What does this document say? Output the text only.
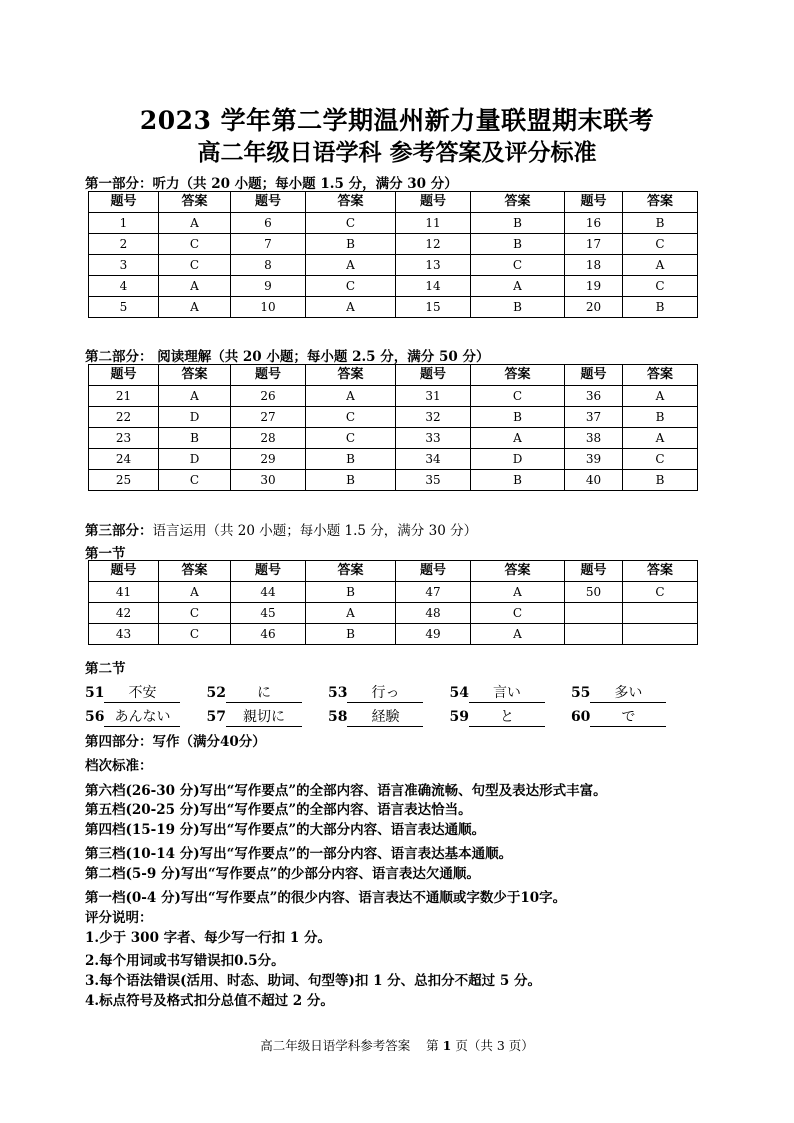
2023 学年第二学期温州新力量联盟期末联考
高二年级日语学科 参考答案及评分标准
第一部分：听力（共 20 小题；每小题 1.5 分，满分 30 分）
题号	答案	题号	答案	题号	答案	题号	答案
1	A	6	C	11	B	16	B
2	C	7	B	12	B	17	C
3	C	8	A	13	C	18	A
4	A	9	C	14	A	19	C
5	A	10	A	15	B	20	B
第二部分： 阅读理解（共 20 小题；每小题 2.5 分，满分 50 分）
题号	答案	题号	答案	题号	答案	题号	答案
21	A	26	A	31	C	36	A
22	D	27	C	32	B	37	B
23	B	28	C	33	A	38	A
24	D	29	B	34	D	39	C
25	C	30	B	35	B	40	B
第三部分：语言运用（共 20 小题；每小题 1.5 分，满分 30 分）
第一节
题号	答案	题号	答案	题号	答案	题号	答案
41	A	44	B	47	A	50	C
42	C	45	A	48	C		
43	C	46	B	49	A		
第二节
51 不安	52 に	53 行っ	54 言い	55 多い
56 あんない	57 親切に	58 経験	59 と	60 で
第四部分：写作（满分40分）
档次标准：
第六档(26-30 分)写出“写作要点”的全部内容、语言准确流畅、句型及表达形式丰富。
第五档(20-25 分)写出“写作要点”的全部内容、语言表达恰当。
第四档(15-19 分)写出“写作要点”的大部分内容、语言表达通顺。
第三档(10-14 分)写出“写作要点”的一部分内容、语言表达基本通顺。
第二档(5-9 分)写出“写作要点”的少部分内容、语言表达欠通顺。
第一档(0-4 分)写出“写作要点”的很少内容、语言表达不通顺或字数少于10字。
评分说明：
1.少于 300 字者、每少写一行扣 1 分。
2.每个用词或书写错误扣0.5分。
3.每个语法错误(活用、时态、助词、句型等)扣 1 分、总扣分不超过 5 分。
4.标点符号及格式扣分总值不超过 2 分。
高二年级日语学科参考答案 第 1 页（共 3 页）
